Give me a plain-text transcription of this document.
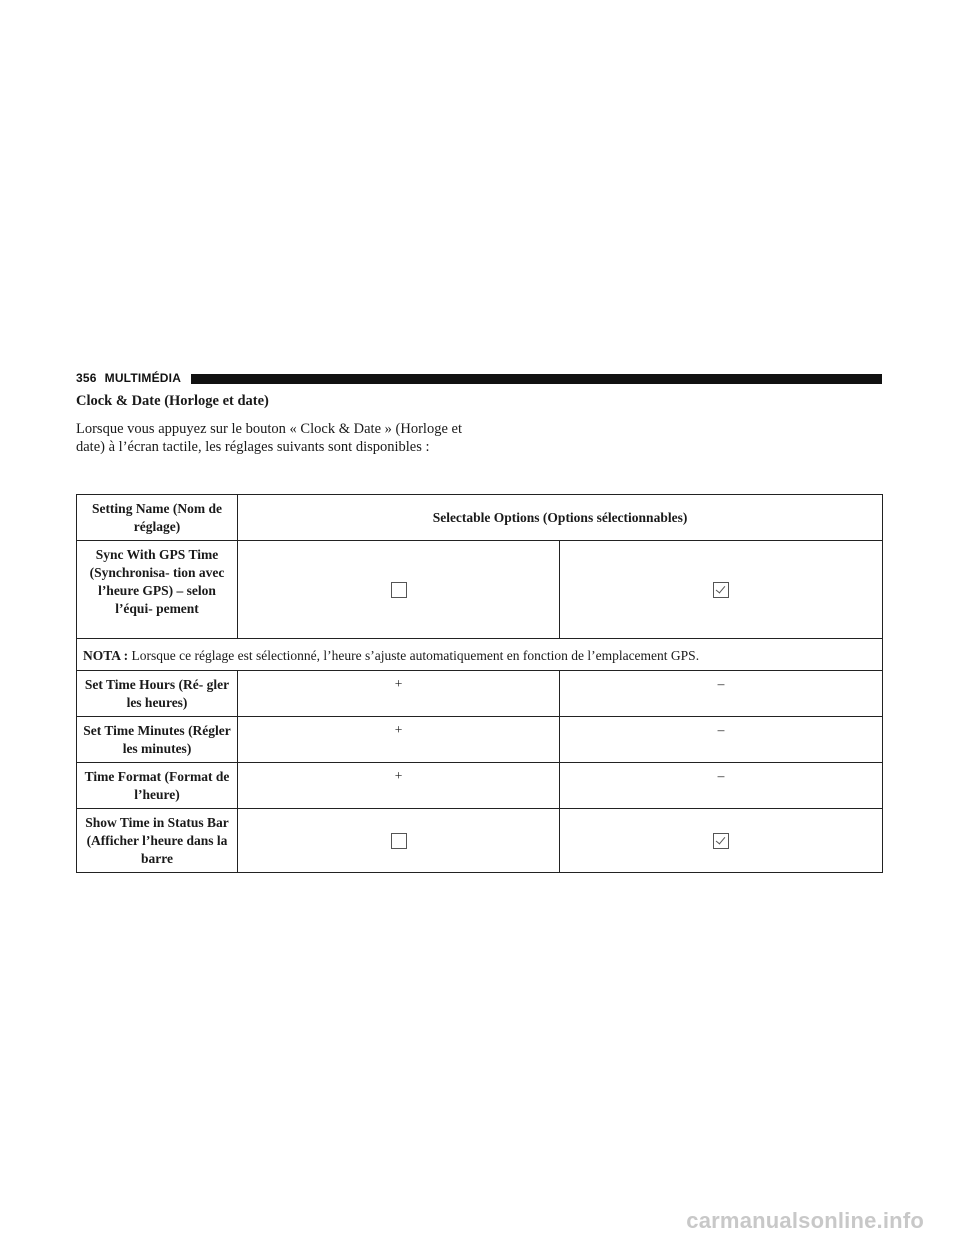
356 MULTIMÉDIA
Clock & Date (Horloge et date)

Lorsque vous appuyez sur le bouton « Clock & Date » (Horloge et date) à l’écran tactile, les réglages suivants sont disponibles :

Setting Name (Nom de réglage)	Selectable Options (Options sélectionnables)	
Sync With GPS Time (Synchronisa- tion avec l’heure GPS) – selon l’équi- pement		
NOTA : Lorsque ce réglage est sélectionné, l’heure s’ajuste automatiquement en fonction de l’emplacement GPS.		
Set Time Hours (Ré- gler les heures)	+	–
Set Time Minutes (Régler les minutes)	+	–
Time Format (Format de l’heure)	+	–
Show Time in Status Bar (Afficher l’heure dans la barre		
carmanualsonline.info
